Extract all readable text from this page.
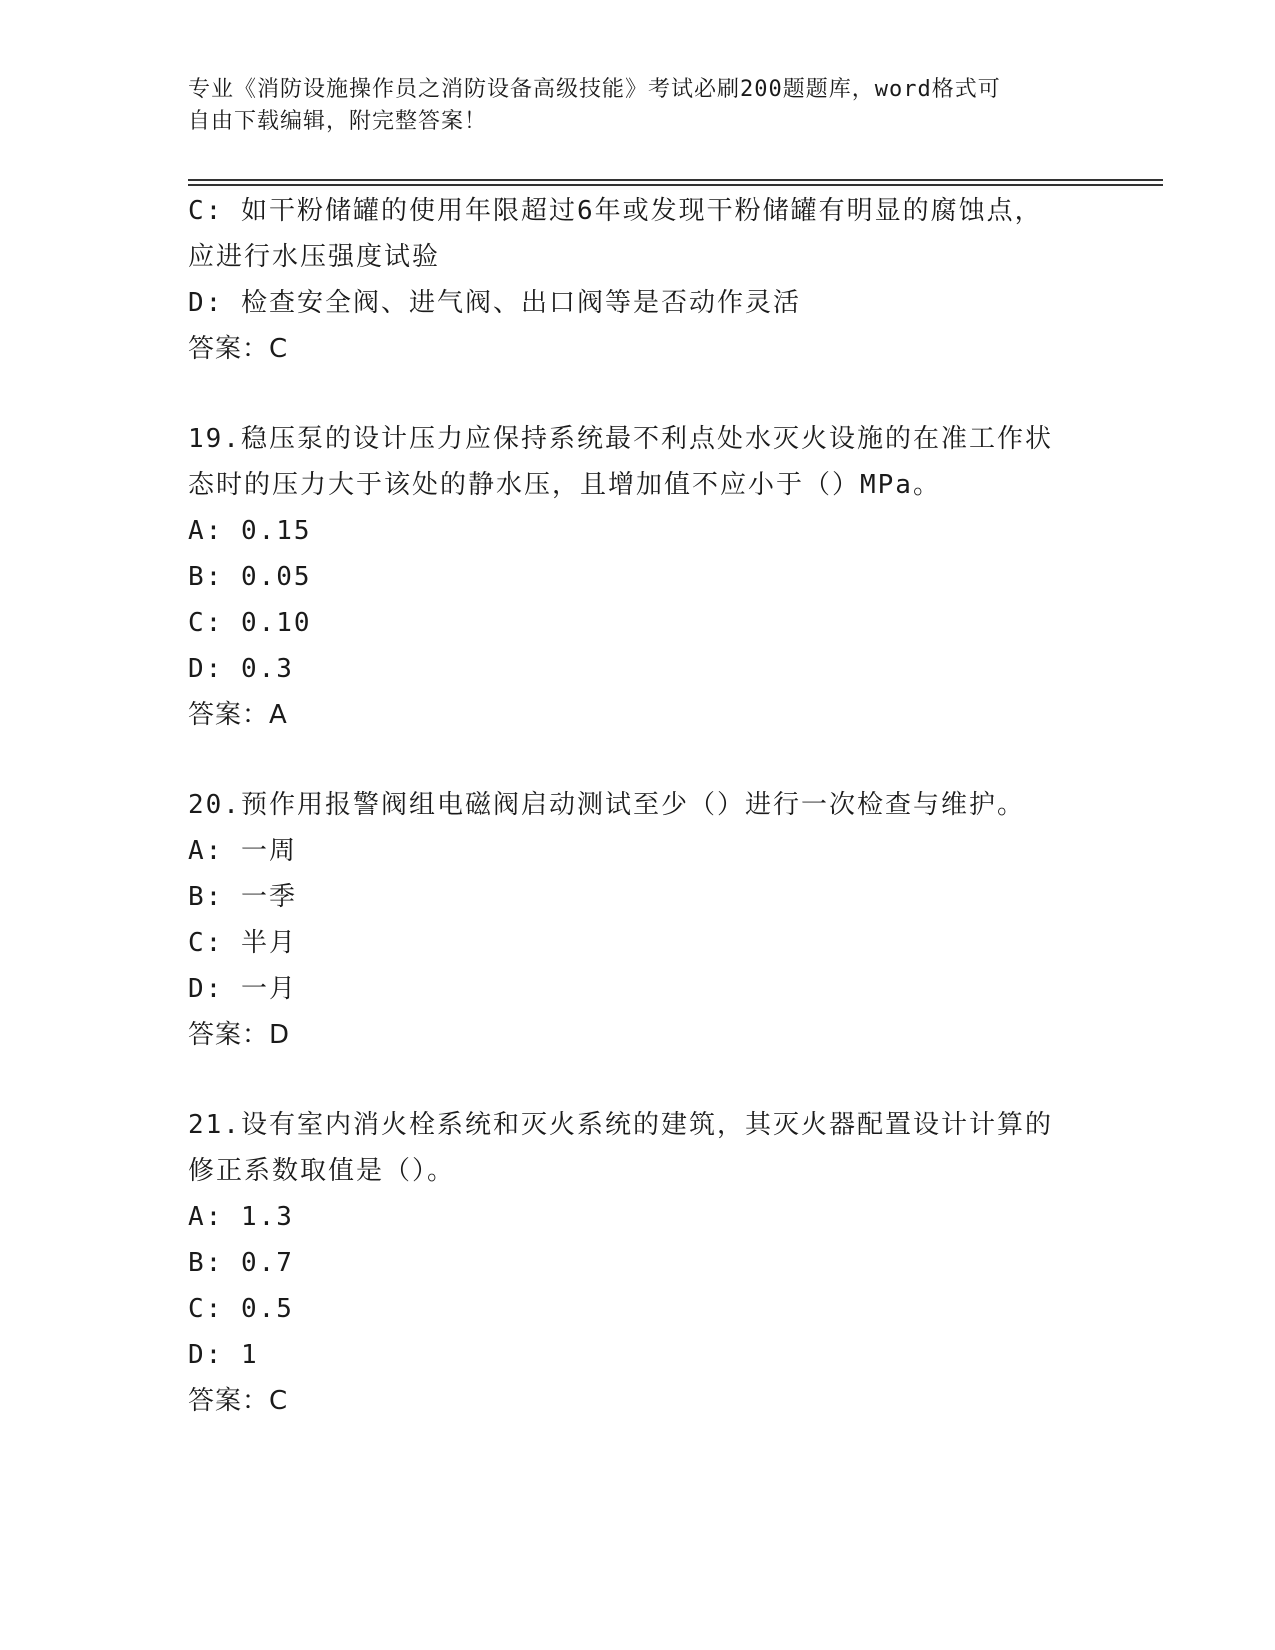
专业《消防设施操作员之消防设备高级技能》考试必刷200题题库，word格式可
自由下载编辑，附完整答案！
C: 如干粉储罐的使用年限超过6年或发现干粉储罐有明显的腐蚀点，
应进行水压强度试验
D: 检查安全阀、进气阀、出口阀等是否动作灵活
答案：C
19.稳压泵的设计压力应保持系统最不利点处水灭火设施的在准工作状
态时的压力大于该处的静水压，且增加值不应小于（）MPa。
A: 0.15
B: 0.05
C: 0.10
D: 0.3
答案：A
20.预作用报警阀组电磁阀启动测试至少（）进行一次检查与维护。
A: 一周
B: 一季
C: 半月
D: 一月
答案：D
21.设有室内消火栓系统和灭火系统的建筑，其灭火器配置设计计算的
修正系数取值是（）。
A: 1.3
B: 0.7
C: 0.5
D: 1
答案：C
